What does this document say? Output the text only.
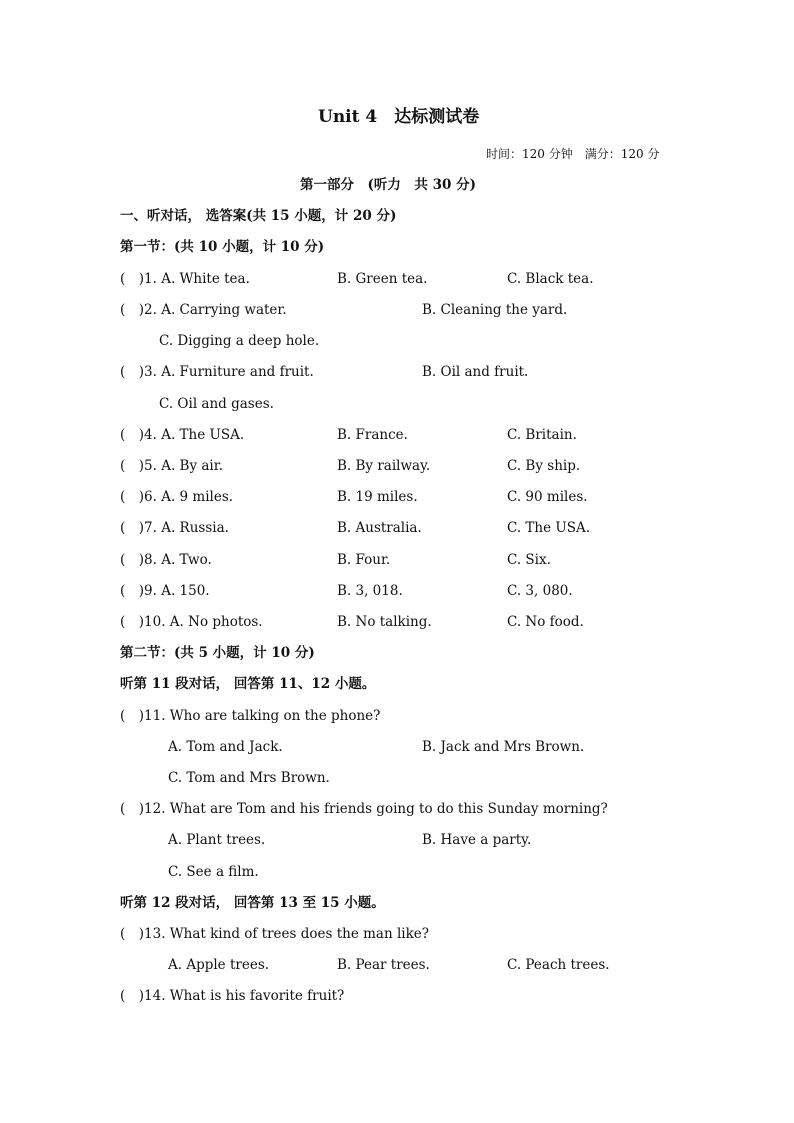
Unit 4　达标测试卷
时间：120 分钟　满分：120 分
第一部分　(听力　共 30 分)
一、听对话， 选答案(共 15 小题，计 20 分)
第一节：(共 10 小题，计 10 分)
(　)1. A. White tea.	B. Green tea.	C. Black tea.
(　)2. A. Carrying water.	B. Cleaning the yard.
C. Digging a deep hole.
(　)3. A. Furniture and fruit.	B. Oil and fruit.
C. Oil and gases.
(　)4. A. The USA.	B. France.	C. Britain.
(　)5. A. By air.	B. By railway.	C. By ship.
(　)6. A. 9 miles.	B. 19 miles.	C. 90 miles.
(　)7. A. Russia.	B. Australia.	C. The USA.
(　)8. A. Two.	B. Four.	C. Six.
(　)9. A. 150.	B. 3, 018.	C. 3, 080.
(　)10. A. No photos.	B. No talking.	C. No food.
第二节：(共 5 小题，计 10 分)
听第 11 段对话， 回答第 11、12 小题。
(　)11. Who are talking on the phone?
A. Tom and Jack.	B. Jack and Mrs Brown.
C. Tom and Mrs Brown.
(　)12. What are Tom and his friends going to do this Sunday morning?
A. Plant trees.	B. Have a party.
C. See a film.
听第 12 段对话， 回答第 13 至 15 小题。
(　)13. What kind of trees does the man like?
A. Apple trees.	B. Pear trees.	C. Peach trees.
(　)14. What is his favorite fruit?
